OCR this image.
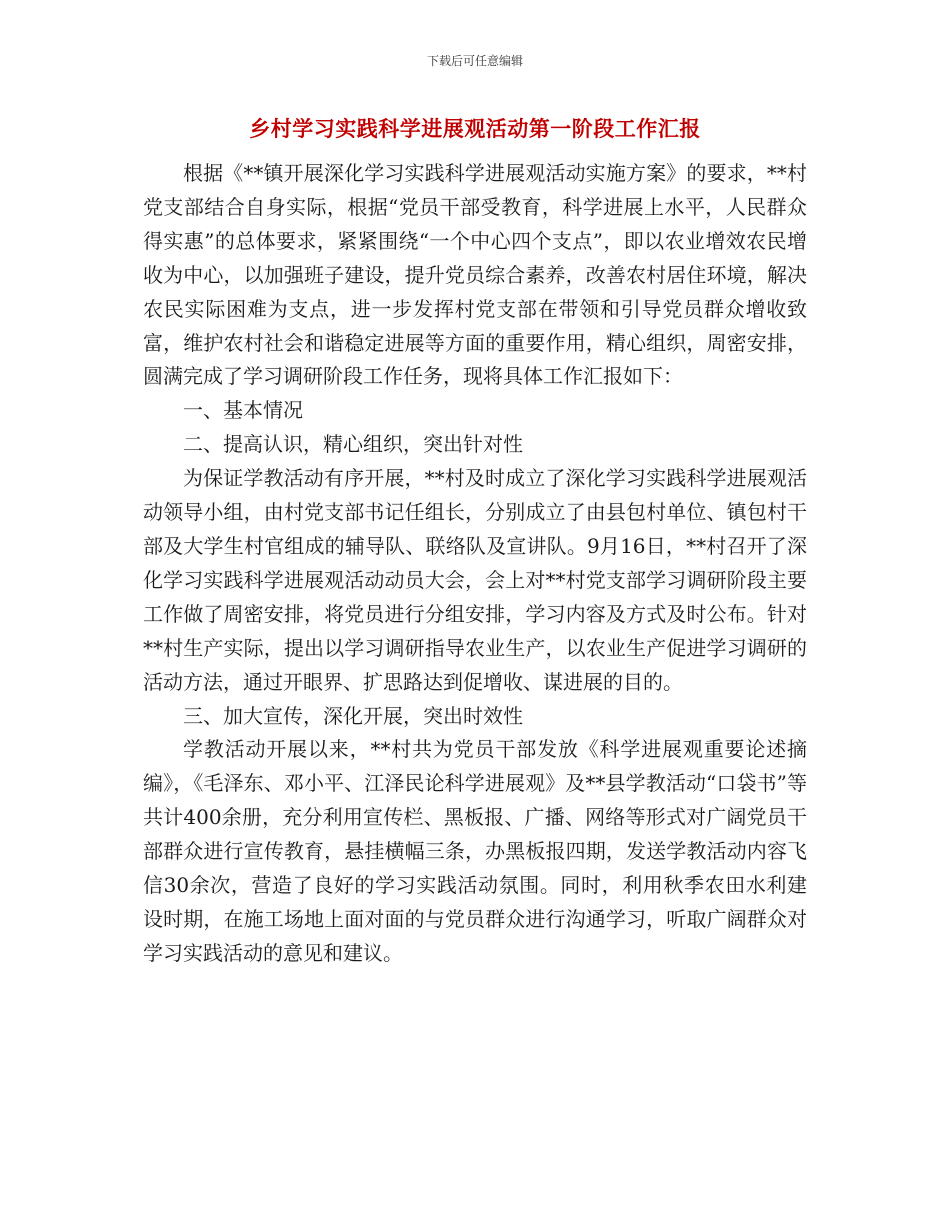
下载后可任意编辑
乡村学习实践科学进展观活动第一阶段工作汇报

根据《**镇开展深化学习实践科学进展观活动实施方案》的要求，**村党支部结合自身实际，根据“党员干部受教育，科学进展上水平，人民群众得实惠”的总体要求，紧紧围绕“一个中心四个支点”，即以农业增效农民增收为中心，以加强班子建设，提升党员综合素养，改善农村居住环境，解决农民实际困难为支点，进一步发挥村党支部在带领和引导党员群众增收致富，维护农村社会和谐稳定进展等方面的重要作用，精心组织，周密安排，圆满完成了学习调研阶段工作任务，现将具体工作汇报如下：

一、基本情况

二、提高认识，精心组织，突出针对性

为保证学教活动有序开展，**村及时成立了深化学习实践科学进展观活动领导小组，由村党支部书记任组长，分别成立了由县包村单位、镇包村干部及大学生村官组成的辅导队、联络队及宣讲队。9月16日，**村召开了深化学习实践科学进展观活动动员大会，会上对**村党支部学习调研阶段主要工作做了周密安排，将党员进行分组安排，学习内容及方式及时公布。针对**村生产实际，提出以学习调研指导农业生产，以农业生产促进学习调研的活动方法，通过开眼界、扩思路达到促增收、谋进展的目的。

三、加大宣传，深化开展，突出时效性

学教活动开展以来，**村共为党员干部发放《科学进展观重要论述摘编》，《毛泽东、邓小平、江泽民论科学进展观》及**县学教活动“口袋书”等共计400余册，充分利用宣传栏、黑板报、广播、网络等形式对广阔党员干部群众进行宣传教育，悬挂横幅三条，办黑板报四期，发送学教活动内容飞信30余次，营造了良好的学习实践活动氛围。同时，利用秋季农田水利建设时期，在施工场地上面对面的与党员群众进行沟通学习，听取广阔群众对学习实践活动的意见和建议。
